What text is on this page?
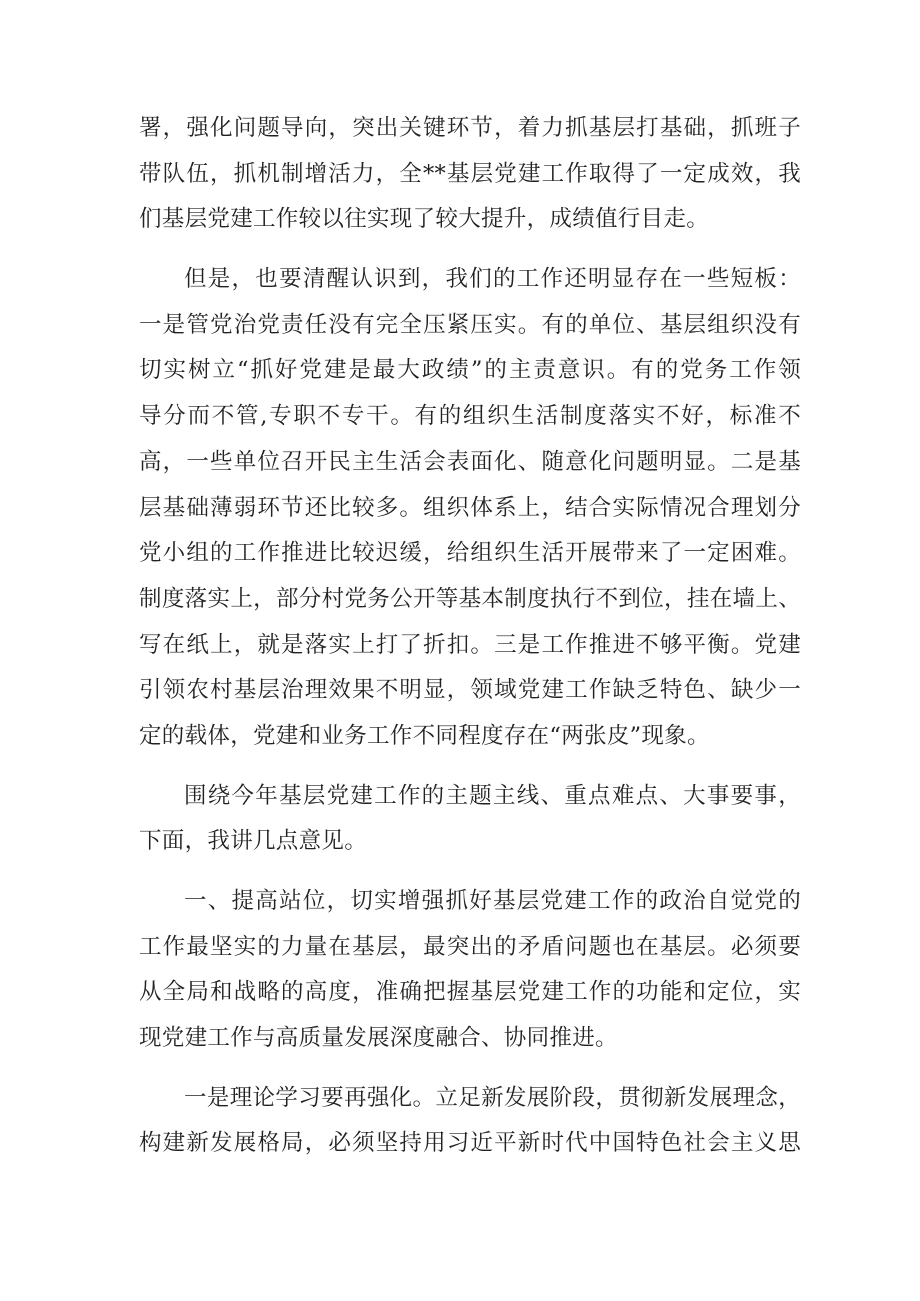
署，强化问题导向，突出关键环节，着力抓基层打基础，抓班子
带队伍，抓机制增活力，全**基层党建工作取得了一定成效，我
们基层党建工作较以往实现了较大提升，成绩值行目走。
但是，也要清醒认识到，我们的工作还明显存在一些短板：
一是管党治党责任没有完全压紧压实。有的单位、基层组织没有
切实树立“抓好党建是最大政绩”的主责意识。有的党务工作领
导分而不管,专职不专干。有的组织生活制度落实不好，标准不
高，一些单位召开民主生活会表面化、随意化问题明显。二是基
层基础薄弱环节还比较多。组织体系上，结合实际情况合理划分
党小组的工作推进比较迟缓，给组织生活开展带来了一定困难。
制度落实上，部分村党务公开等基本制度执行不到位，挂在墙上、
写在纸上，就是落实上打了折扣。三是工作推进不够平衡。党建
引领农村基层治理效果不明显，领域党建工作缺乏特色、缺少一
定的载体，党建和业务工作不同程度存在“两张皮”现象。
围绕今年基层党建工作的主题主线、重点难点、大事要事，
下面，我讲几点意见。
一、提高站位，切实增强抓好基层党建工作的政治自觉党的
工作最坚实的力量在基层，最突出的矛盾问题也在基层。必须要
从全局和战略的高度，准确把握基层党建工作的功能和定位，实
现党建工作与高质量发展深度融合、协同推进。
一是理论学习要再强化。立足新发展阶段，贯彻新发展理念，
构建新发展格局，必须坚持用习近平新时代中国特色社会主义思
